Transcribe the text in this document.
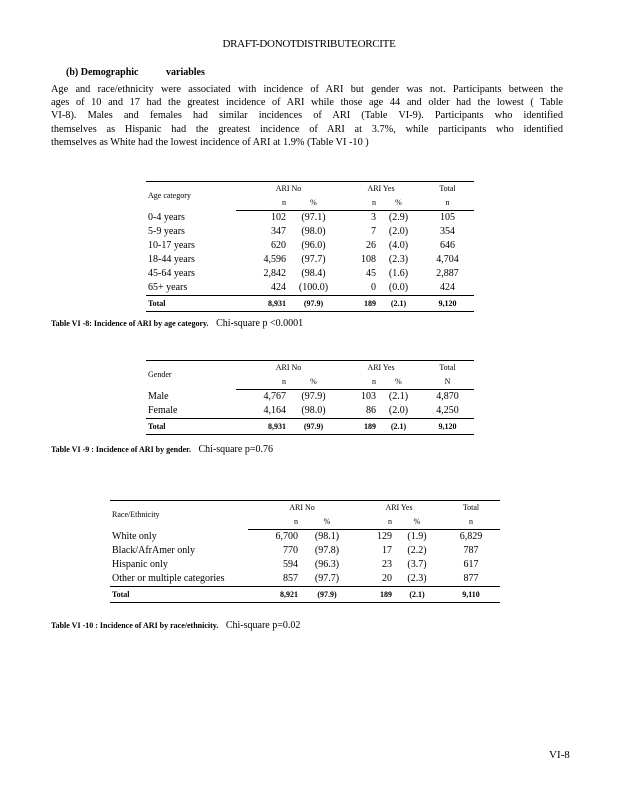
DRAFT-DONOTDISTRIBUTEORCITE
(b) Demographic	variables
Age and race/ethnicity were associated with incidence of ARI but gender was not. Participants between the
ages of 10 and 17 had the greatest incidence of ARI while those age 44 and older had the lowest ( Table
VI-8). Males and females had similar incidences of ARI (Table VI-9). Participants who identified
themselves as Hispanic had the greatest incidence of ARI at 3.7%, while participants who identified
themselves as White had the lowest incidence of ARI at 1.9% (Table VI -10 )
Age category	ARI No		ARI Yes		Total
	n	%	n	%	n
0-4 years	102	(97.1)	3	(2.9)	105
5-9 years	347	(98.0)	7	(2.0)	354
10-17 years	620	(96.0)	26	(4.0)	646
18-44 years	4,596	(97.7)	108	(2.3)	4,704
45-64 years	2,842	(98.4)	45	(1.6)	2,887
65+ years	424	(100.0)	0	(0.0)	424
Total	8,931	(97.9)	189	(2.1)	9,120
Table VI -8: Incidence of ARI by age category. Chi-square p <0.0001
Gender	ARI No		ARI Yes		Total
	n	%	n	%	N
Male	4,767	(97.9)	103	(2.1)	4,870
Female	4,164	(98.0)	86	(2.0)	4,250
Total	8,931	(97.9)	189	(2.1)	9,120
Table VI -9 : Incidence of ARI by gender. Chi-square p=0.76
Race/Ethnicity	ARI No		ARI Yes		Total
	n	%	n	%	n
White only	6,700	(98.1)	129	(1.9)	6,829
Black/AfrAmer only	770	(97.8)	17	(2.2)	787
Hispanic only	594	(96.3)	23	(3.7)	617
Other or multiple categories	857	(97.7)	20	(2.3)	877
Total	8,921	(97.9)	189	(2.1)	9,110
Table VI -10 : Incidence of ARI by race/ethnicity. Chi-square p=0.02
VI-8
